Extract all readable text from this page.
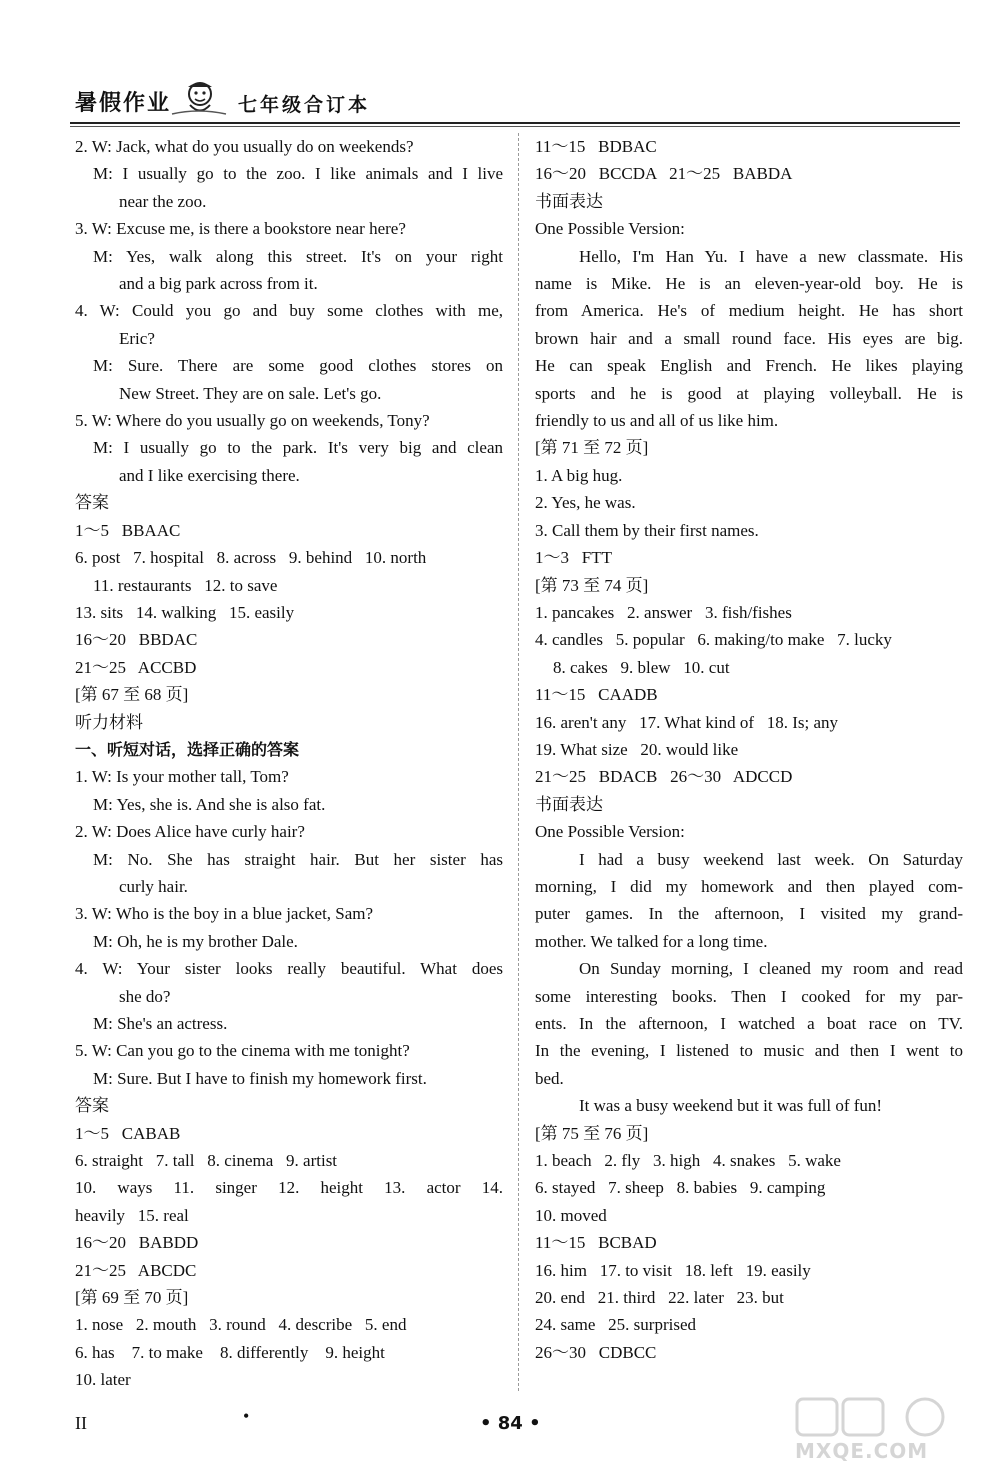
暑假作业	七年级合订本
2. W: Jack, what do you usually do on weekends?
M: I usually go to the zoo. I like animals and I live
near the zoo.
3. W: Excuse me, is there a bookstore near here?
M: Yes, walk along this street. It's on your right
and a big park across from it.
4. W: Could you go and buy some clothes with me,
Eric?
M: Sure. There are some good clothes stores on
New Street. They are on sale. Let's go.
5. W: Where do you usually go on weekends, Tony?
M: I usually go to the park. It's very big and clean
and I like exercising there.
答案
1～5   BBAAC
6. post   7. hospital   8. across   9. behind   10. north
11. restaurants   12. to save
13. sits   14. walking   15. easily
16～20   BBDAC
21～25   ACCBD
[第 67 至 68 页]
听力材料
一、听短对话，选择正确的答案
1. W: Is your mother tall, Tom?
M: Yes, she is. And she is also fat.
2. W: Does Alice have curly hair?
M: No. She has straight hair. But her sister has
curly hair.
3. W: Who is the boy in a blue jacket, Sam?
M: Oh, he is my brother Dale.
4. W: Your sister looks really beautiful. What does
she do?
M: She's an actress.
5. W: Can you go to the cinema with me tonight?
M: Sure. But I have to finish my homework first.
答案
1～5   CABAB
6. straight   7. tall   8. cinema   9. artist
10. ways 11. singer 12. height 13. actor 14.
heavily   15. real
16～20   BABDD
21～25   ABCDC
[第 69 至 70 页]
1. nose   2. mouth   3. round   4. describe   5. end
6. has    7. to make    8. differently    9. height
10. later
11～15   BDBAC
16～20   BCCDA   21～25   BABDA
书面表达
One Possible Version:
Hello, I'm Han Yu. I have a new classmate. His
name is Mike. He is an eleven-year-old boy. He is
from America. He's of medium height. He has short
brown hair and a small round face. His eyes are big.
He can speak English and French. He likes playing
sports and he is good at playing volleyball. He is
friendly to us and all of us like him.
[第 71 至 72 页]
1. A big hug.
2. Yes, he was.
3. Call them by their first names.
1～3   FTT
[第 73 至 74 页]
1. pancakes   2. answer   3. fish/fishes
4. candles   5. popular   6. making/to make   7. lucky
8. cakes   9. blew   10. cut
11～15   CAADB
16. aren't any   17. What kind of   18. Is; any
19. What size   20. would like
21～25   BDACB   26～30   ADCCD
书面表达
One Possible Version:
I had a busy weekend last week. On Saturday
morning, I did my homework and then played com-
puter games. In the afternoon, I visited my grand-
mother. We talked for a long time.
On Sunday morning, I cleaned my room and read
some interesting books. Then I cooked for my par-
ents. In the afternoon, I watched a boat race on TV.
In the evening, I listened to music and then I went to
bed.
It was a busy weekend but it was full of fun!
[第 75 至 76 页]
1. beach   2. fly   3. high   4. snakes   5. wake
6. stayed   7. sheep   8. babies   9. camping
10. moved
11～15   BCBAD
16. him   17. to visit   18. left   19. easily
20. end   21. third   22. later   23. but
24. same   25. surprised
26～30   CDBCC
II	•	• 84 •
MXQE.COM
